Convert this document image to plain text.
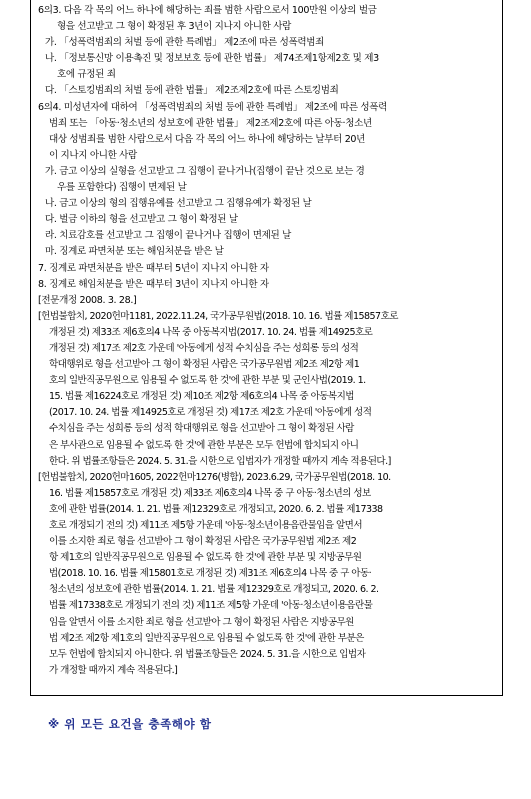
6의3. 다음 각 목의 어느 하나에 해당하는 죄를 범한 사람으로서 100만원 이상의 벌금
형을 선고받고 그 형이 확정된 후 3년이 지나지 아니한 사람
가. 「성폭력범죄의 처벌 등에 관한 특례법」 제2조에 따른 성폭력범죄
나. 「정보통신망 이용촉진 및 정보보호 등에 관한 법률」 제74조제1항제2호 및 제3
호에 규정된 죄
다. 「스토킹범죄의 처벌 등에 관한 법률」 제2조제2호에 따른 스토킹범죄
6의4. 미성년자에 대하여 「성폭력범죄의 처벌 등에 관한 특례법」 제2조에 따른 성폭력
범죄 또는 「아동·청소년의 성보호에 관한 법률」 제2조제2호에 따른 아동·청소년
대상 성범죄를 범한 사람으로서 다음 각 목의 어느 하나에 해당하는 날부터 20년
이 지나지 아니한 사람
가. 금고 이상의 실형을 선고받고 그 집행이 끝나거나(집행이 끝난 것으로 보는 경
우를 포함한다) 집행이 면제된 날
나. 금고 이상의 형의 집행유예를 선고받고 그 집행유예가 확정된 날
다. 벌금 이하의 형을 선고받고 그 형이 확정된 날
라. 치료감호를 선고받고 그 집행이 끝나거나 집행이 면제된 날
마. 징계로 파면처분 또는 해임처분을 받은 날
7. 징계로 파면처분을 받은 때부터 5년이 지나지 아니한 자
8. 징계로 해임처분을 받은 때부터 3년이 지나지 아니한 자
[전문개정 2008. 3. 28.]
[헌법불합치, 2020헌마1181, 2022.11.24, 국가공무원법(2018. 10. 16. 법률 제15857호로
개정된 것) 제33조 제6호의4 나목 중 아동복지법(2017. 10. 24. 법률 제14925호로
개정된 것) 제17조 제2호 가운데 '아동에게 성적 수치심을 주는 성희롱 등의 성적
학대행위로 형을 선고받아 그 형이 확정된 사람은 국가공무원법 제2조 제2항 제1
호의 일반직공무원으로 임용될 수 없도록 한 것'에 관한 부분 및 군인사법(2019. 1.
15. 법률 제16224호로 개정된 것) 제10조 제2항 제6호의4 나목 중 아동복지법
(2017. 10. 24. 법률 제14925호로 개정된 것) 제17조 제2호 가운데 '아동에게 성적
수치심을 주는 성희롱 등의 성적 학대행위로 형을 선고받아 그 형이 확정된 사람
은 부사관으로 임용될 수 없도록 한 것'에 관한 부분은 모두 헌법에 합치되지 아니
한다. 위 법률조항들은 2024. 5. 31.을 시한으로 입법자가 개정할 때까지 계속 적용된다.]
[헌법불합치, 2020헌마1605, 2022헌마1276(병합), 2023.6.29, 국가공무원법(2018. 10.
16. 법률 제15857호로 개정된 것) 제33조 제6호의4 나목 중 구 아동·청소년의 성보
호에 관한 법률(2014. 1. 21. 법률 제12329호로 개정되고, 2020. 6. 2. 법률 제17338
호로 개정되기 전의 것) 제11조 제5항 가운데 '아동·청소년이용음란물임을 알면서
이를 소지한 죄로 형을 선고받아 그 형이 확정된 사람은 국가공무원법 제2조 제2
항 제1호의 일반직공무원으로 임용될 수 없도록 한 것'에 관한 부분 및 지방공무원
법(2018. 10. 16. 법률 제15801호로 개정된 것) 제31조 제6호의4 나목 중 구 아동·
청소년의 성보호에 관한 법률(2014. 1. 21. 법률 제12329호로 개정되고, 2020. 6. 2.
법률 제17338호로 개정되기 전의 것) 제11조 제5항 가운데 '아동·청소년이용음란물
임을 알면서 이를 소지한 죄로 형을 선고받아 그 형이 확정된 사람은 지방공무원
법 제2조 제2항 제1호의 일반직공무원으로 임용될 수 없도록 한 것'에 관한 부분은
모두 헌법에 합치되지 아니한다. 위 법률조항들은 2024. 5. 31.을 시한으로 입법자
가 개정할 때까지 계속 적용된다.]
※ 위 모든 요건을 충족해야 함
